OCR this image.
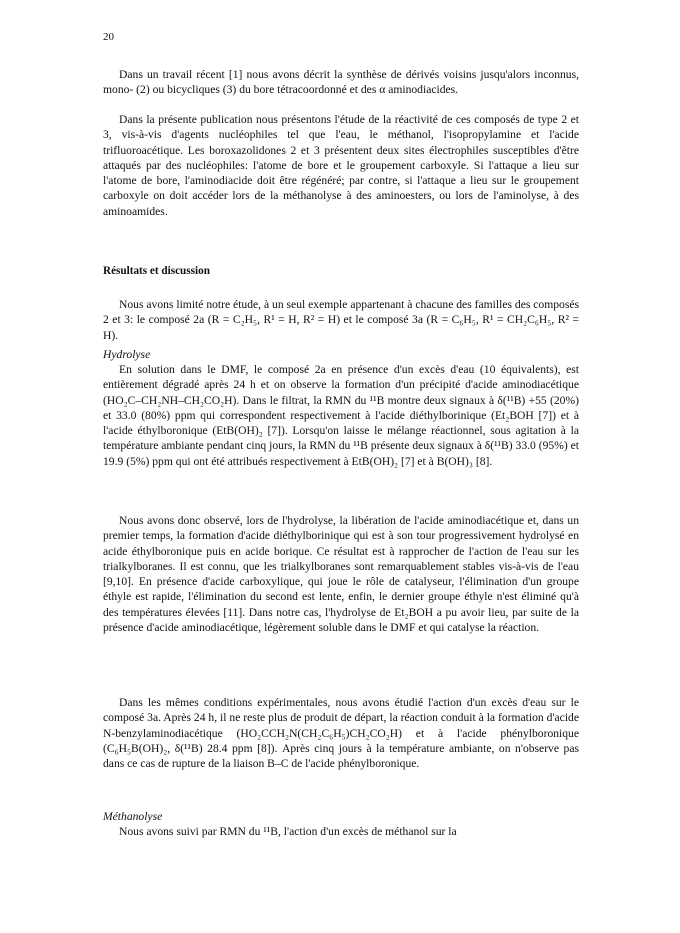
20

Dans un travail récent [1] nous avons décrit la synthèse de dérivés voisins jusqu'alors inconnus, mono- (2) ou bicycliques (3) du bore tétracoordonné et des α aminodiacides.

Dans la présente publication nous présentons l'étude de la réactivité de ces composés de type 2 et 3, vis-à-vis d'agents nucléophiles tel que l'eau, le méthanol, l'isopropylamine et l'acide trifluoroacétique. Les boroxazolidones 2 et 3 présentent deux sites électrophiles susceptibles d'être attaqués par des nucléophiles: l'atome de bore et le groupement carboxyle. Si l'attaque a lieu sur l'atome de bore, l'aminodiacide doit être régénéré; par contre, si l'attaque a lieu sur le groupement carboxyle on doit accéder lors de la méthanolyse à des aminoesters, ou lors de l'aminolyse, à des aminoamides.

Résultats et discussion

Nous avons limité notre étude, à un seul exemple appartenant à chacune des familles des composés 2 et 3: le composé 2a (R = C₂H₅, R¹ = H, R² = H) et le composé 3a (R = C₆H₅, R¹ = CH₂C₆H₅, R² = H).

Hydrolyse

En solution dans le DMF, le composé 2a en présence d'un excès d'eau (10 équivalents), est entièrement dégradé après 24 h et on observe la formation d'un précipité d'acide aminodiacétique (HO₂C–CH₂NH–CH₂CO₂H). Dans le filtrat, la RMN du ¹¹B montre deux signaux à δ(¹¹B) +55 (20%) et 33.0 (80%) ppm qui correspondent respectivement à l'acide diéthylborinique (Et₂BOH [7]) et à l'acide éthylboronique (EtB(OH)₂ [7]). Lorsqu'on laisse le mélange réactionnel, sous agitation à la température ambiante pendant cinq jours, la RMN du ¹¹B présente deux signaux à δ(¹¹B) 33.0 (95%) et 19.9 (5%) ppm qui ont été attribués respectivement à EtB(OH)₂ [7] et à B(OH)₃ [8].

Nous avons donc observé, lors de l'hydrolyse, la libération de l'acide aminodiacétique et, dans un premier temps, la formation d'acide diéthylborinique qui est à son tour progressivement hydrolysé en acide éthylboronique puis en acide borique. Ce résultat est à rapprocher de l'action de l'eau sur les trialkylboranes. Il est connu, que les trialkylboranes sont remarquablement stables vis-à-vis de l'eau [9,10]. En présence d'acide carboxylique, qui joue le rôle de catalyseur, l'élimination d'un groupe éthyle est rapide, l'élimination du second est lente, enfin, le dernier groupe éthyle n'est éliminé qu'à des températures élevées [11]. Dans notre cas, l'hydrolyse de Et₂BOH a pu avoir lieu, par suite de la présence d'acide aminodiacétique, légèrement soluble dans le DMF et qui catalyse la réaction.

Dans les mêmes conditions expérimentales, nous avons étudié l'action d'un excès d'eau sur le composé 3a. Après 24 h, il ne reste plus de produit de départ, la réaction conduit à la formation d'acide N-benzylaminodiacétique (HO₂CCH₂N(CH₂C₆H₅)CH₂CO₂H) et à l'acide phénylboronique (C₆H₅B(OH)₂, δ(¹¹B) 28.4 ppm [8]). Après cinq jours à la température ambiante, on n'observe pas dans ce cas de rupture de la liaison B–C de l'acide phénylboronique.

Méthanolyse

Nous avons suivi par RMN du ¹¹B, l'action d'un excès de méthanol sur la
